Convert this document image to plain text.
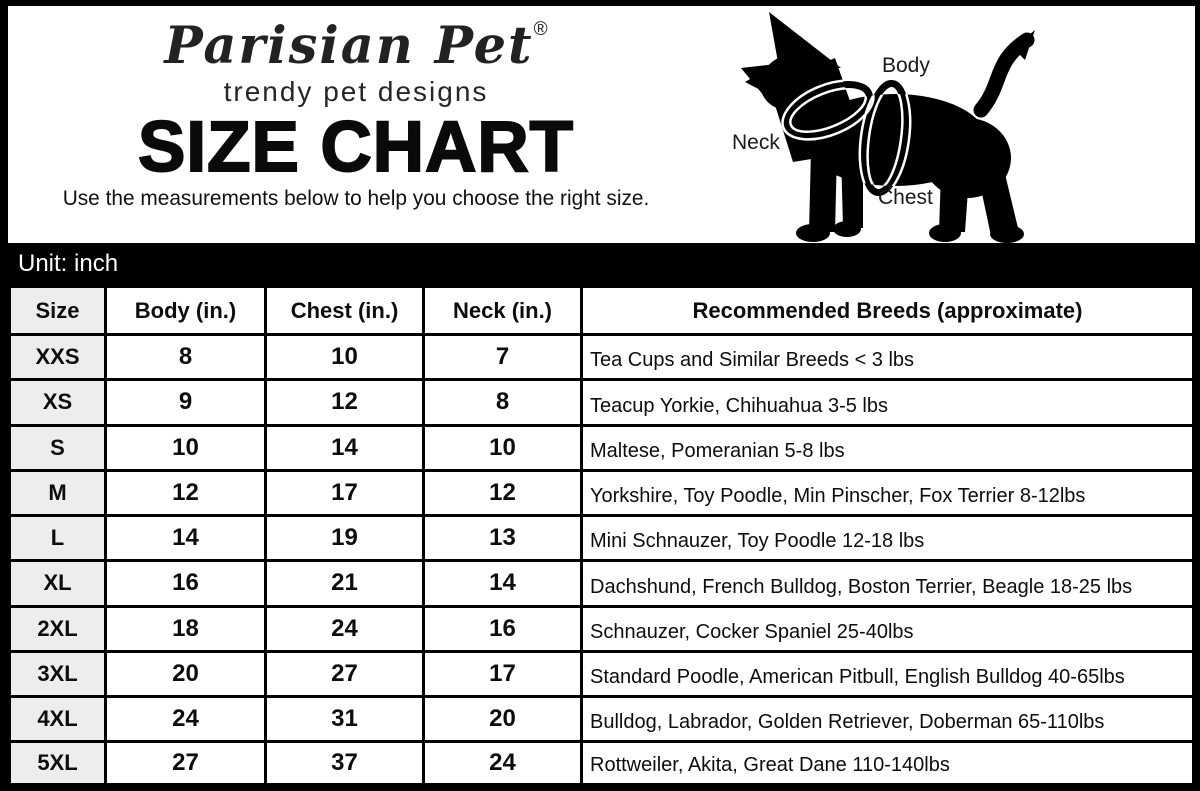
Parisian Pet®
trendy pet designs
SIZE CHART
Use the measurements below to help you choose the right size.
Body
Neck
Chest
Unit: inch
Size	Body (in.)	Chest (in.)	Neck (in.)	Recommended Breeds (approximate)
XXS	8	10	7	Tea Cups and Similar Breeds < 3 lbs
XS	9	12	8	Teacup Yorkie, Chihuahua 3-5 lbs
S	10	14	10	Maltese, Pomeranian 5-8 lbs
M	12	17	12	Yorkshire, Toy Poodle, Min Pinscher, Fox Terrier 8-12lbs
L	14	19	13	Mini Schnauzer, Toy Poodle 12-18 lbs
XL	16	21	14	Dachshund, French Bulldog, Boston Terrier, Beagle 18-25 lbs
2XL	18	24	16	Schnauzer, Cocker Spaniel 25-40lbs
3XL	20	27	17	Standard Poodle, American Pitbull, English Bulldog 40-65lbs
4XL	24	31	20	Bulldog, Labrador, Golden Retriever, Doberman 65-110lbs
5XL	27	37	24	Rottweiler, Akita, Great Dane 110-140lbs
